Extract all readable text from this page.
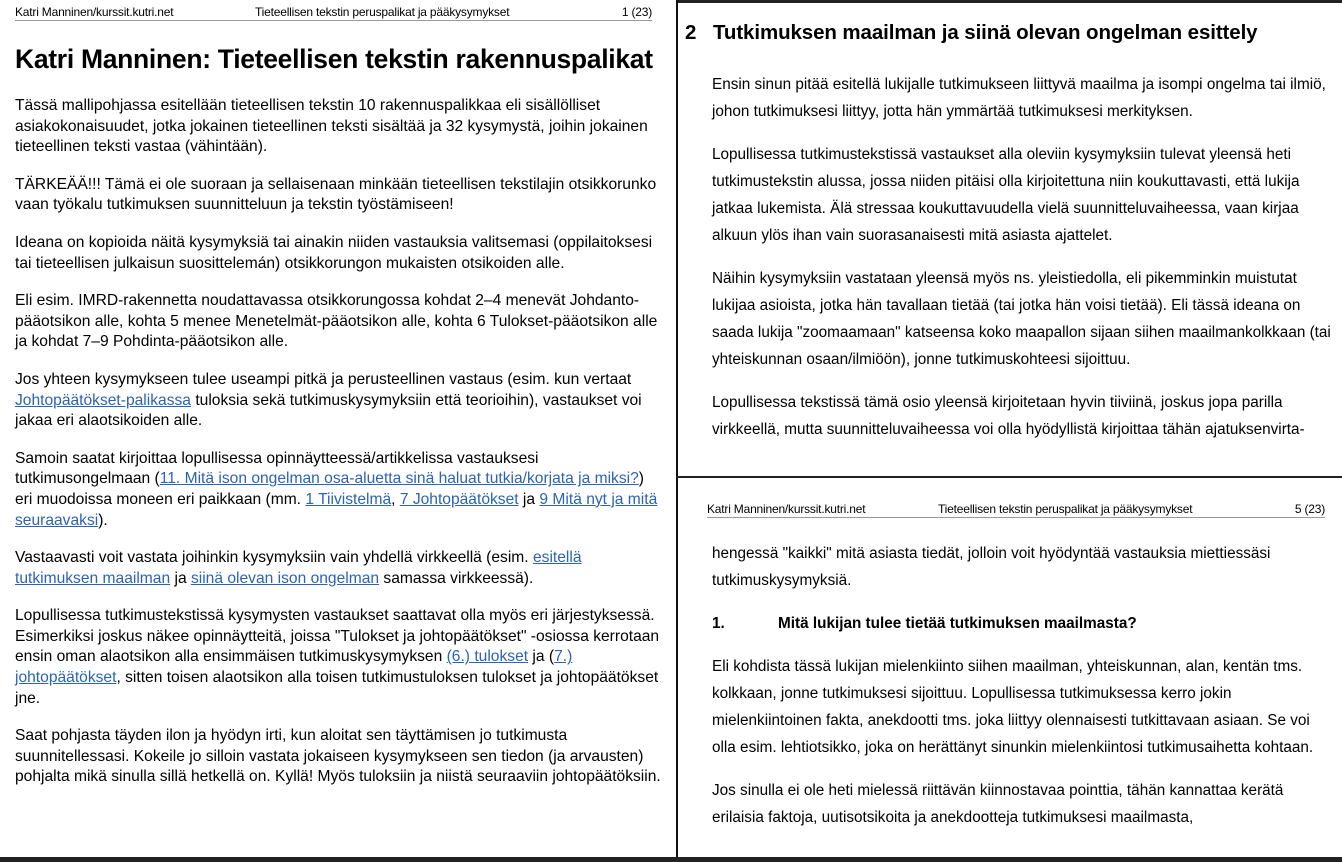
Katri Manninen/kurssit.kutri.net	Tieteellisen tekstin peruspalikat ja pääkysymykset	1 (23)
Katri Manninen: Tieteellisen tekstin rakennuspalikat

Tässä mallipohjassa esitellään tieteellisen tekstin 10 rakennuspalikkaa eli sisällölliset asiakokonaisuudet, jotka jokainen tieteellinen teksti sisältää ja 32 kysymystä, joihin jokainen tieteellinen teksti vastaa (vähintään).

TÄRKEÄÄ!!! Tämä ei ole suoraan ja sellaisenaan minkään tieteellisen tekstilajin otsikkorunko vaan työkalu tutkimuksen suunnitteluun ja tekstin työstämiseen!

Ideana on kopioida näitä kysymyksiä tai ainakin niiden vastauksia valitsemasi (oppilaitoksesi tai tieteellisen julkaisun suosittelemán) otsikkorungon mukaisten otsikoiden alle.

Eli esim. IMRD-rakennetta noudattavassa otsikkorungossa kohdat 2–4 menevät Johdanto-pääotsikon alle, kohta 5 menee Menetelmät-pääotsikon alle, kohta 6 Tulokset-pääotsikon alle ja kohdat 7–9 Pohdinta-pääotsikon alle.

Jos yhteen kysymykseen tulee useampi pitkä ja perusteellinen vastaus (esim. kun vertaat Johtopäätökset-palikassa tuloksia sekä tutkimuskysymyksiin että teorioihin), vastaukset voi jakaa eri alaotsikoiden alle.

Samoin saatat kirjoittaa lopullisessa opinnäytteessä/artikkelissa vastauksesi tutkimusongelmaan (11. Mitä ison ongelman osa-aluetta sinä haluat tutkia/korjata ja miksi?) eri muodoissa moneen eri paikkaan (mm. 1 Tiivistelmä, 7 Johtopäätökset ja 9 Mitä nyt ja mitä seuraavaksi).

Vastaavasti voit vastata joihinkin kysymyksiin vain yhdellä virkkeellä (esim. esitellä tutkimuksen maailman ja siinä olevan ison ongelman samassa virkkeessä).

Lopullisessa tutkimustekstissä kysymysten vastaukset saattavat olla myös eri järjestyksessä. Esimerkiksi joskus näkee opinnäytteitä, joissa "Tulokset ja johtopäätökset" -osiossa kerrotaan ensin oman alaotsikon alla ensimmäisen tutkimuskysymyksen (6.) tulokset ja (7.) johtopäätökset, sitten toisen alaotsikon alla toisen tutkimustuloksen tulokset ja johtopäätökset jne.

Saat pohjasta täyden ilon ja hyödyn irti, kun aloitat sen täyttämisen jo tutkimusta suunnitellessasi. Kokeile jo silloin vastata jokaiseen kysymykseen sen tiedon (ja arvausten) pohjalta mikä sinulla sillä hetkellä on. Kyllä! Myös tuloksiin ja niistä seuraaviin johtopäätöksiin.

2 Tutkimuksen maailman ja siinä olevan ongelman esittely

Ensin sinun pitää esitellä lukijalle tutkimukseen liittyvä maailma ja isompi ongelma tai ilmiö, johon tutkimuksesi liittyy, jotta hän ymmärtää tutkimuksesi merkityksen.

Lopullisessa tutkimustekstissä vastaukset alla oleviin kysymyksiin tulevat yleensä heti tutkimustekstin alussa, jossa niiden pitäisi olla kirjoitettuna niin koukuttavasti, että lukija jatkaa lukemista. Älä stressaa koukuttavuudella vielä suunnitteluvaiheessa, vaan kirjaa alkuun ylös ihan vain suorasanaisesti mitä asiasta ajattelet.

Näihin kysymyksiin vastataan yleensä myös ns. yleistiedolla, eli pikemminkin muistutat lukijaa asioista, jotka hän tavallaan tietää (tai jotka hän voisi tietää). Eli tässä ideana on saada lukija "zoomaamaan" katseensa koko maapallon sijaan siihen maailmankolkkaan (tai yhteiskunnan osaan/ilmiöön), jonne tutkimuskohteesi sijoittuu.

Lopullisessa tekstissä tämä osio yleensä kirjoitetaan hyvin tiiviinä, joskus jopa parilla virkkeellä, mutta suunnitteluvaiheessa voi olla hyödyllistä kirjoittaa tähän ajatuksenvirta-

Katri Manninen/kurssit.kutri.net	Tieteellisen tekstin peruspalikat ja pääkysymykset	5 (23)

hengessä "kaikki" mitä asiasta tiedät, jolloin voit hyödyntää vastauksia miettiessäsi tutkimuskysymyksiä.

1.	Mitä lukijan tulee tietää tutkimuksen maailmasta?

Eli kohdista tässä lukijan mielenkiinto siihen maailman, yhteiskunnan, alan, kentän tms. kolkkaan, jonne tutkimuksesi sijoittuu. Lopullisessa tutkimuksessa kerro jokin mielenkiintoinen fakta, anekdootti tms. joka liittyy olennaisesti tutkittavaan asiaan. Se voi olla esim. lehtiotsikko, joka on herättänyt sinunkin mielenkiintosi tutkimusaihetta kohtaan.

Jos sinulla ei ole heti mielessä riittävän kiinnostavaa pointtia, tähän kannattaa kerätä erilaisia faktoja, uutisotsikoita ja anekdootteja tutkimuksesi maailmasta,
